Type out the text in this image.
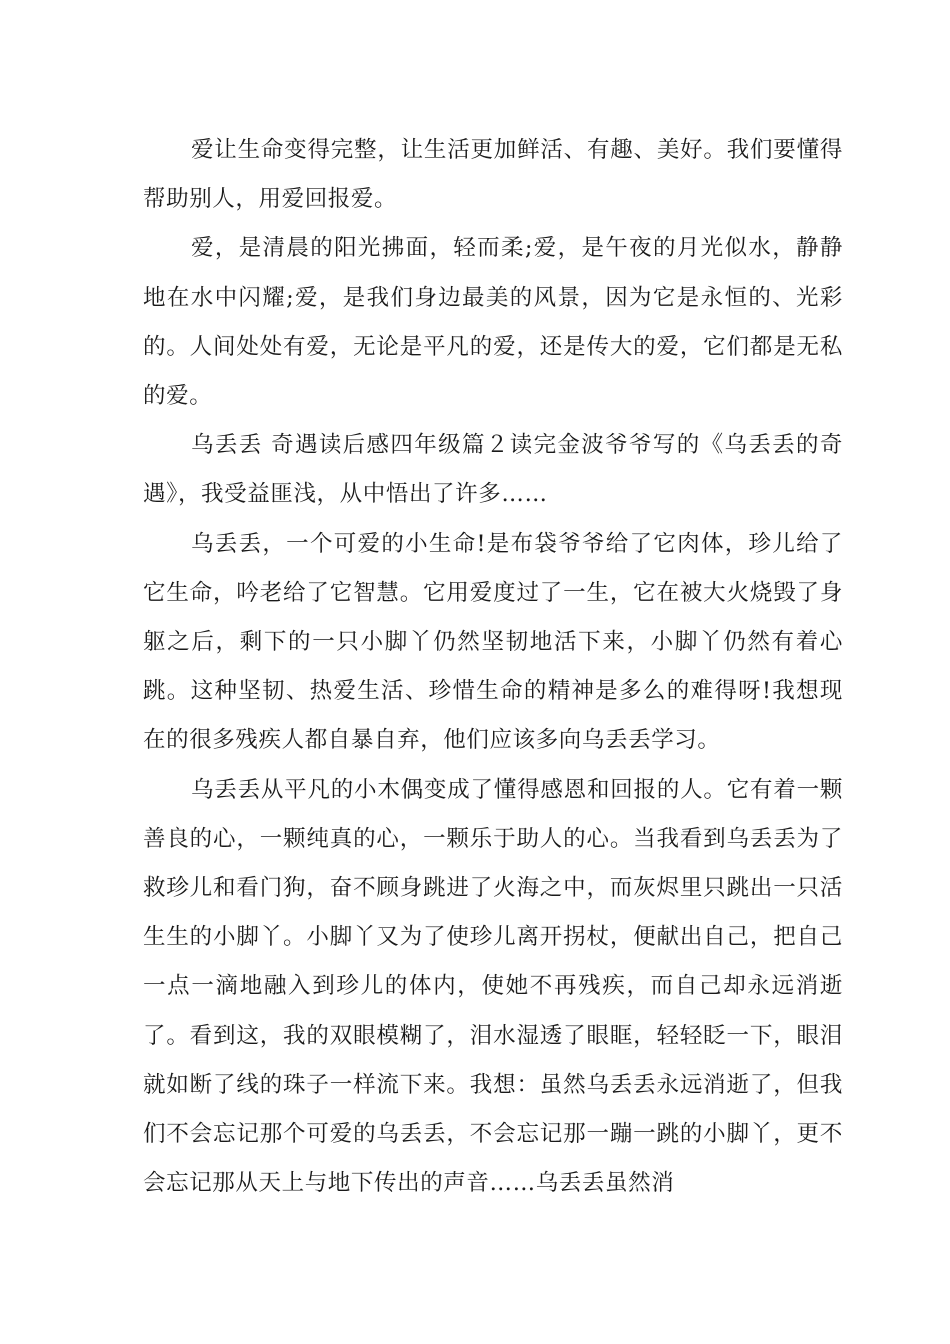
爱让生命变得完整，让生活更加鲜活、有趣、美好。我们要懂得帮助别人，用爱回报爱。

爱，是清晨的阳光拂面，轻而柔;爱，是午夜的月光似水，静静地在水中闪耀;爱，是我们身边最美的风景，因为它是永恒的、光彩的。人间处处有爱，无论是平凡的爱，还是传大的爱，它们都是无私的爱。

乌丢丢 奇遇读后感四年级篇２读完金波爷爷写的《乌丢丢的奇遇》，我受益匪浅，从中悟出了许多……

乌丢丢，一个可爱的小生命!是布袋爷爷给了它肉体，珍儿给了它生命，吟老给了它智慧。它用爱度过了一生，它在被大火烧毁了身躯之后，剩下的一只小脚丫仍然坚韧地活下来，小脚丫仍然有着心跳。这种坚韧、热爱生活、珍惜生命的精神是多么的难得呀!我想现在的很多残疾人都自暴自弃，他们应该多向乌丢丢学习。

乌丢丢从平凡的小木偶变成了懂得感恩和回报的人。它有着一颗善良的心，一颗纯真的心，一颗乐于助人的心。当我看到乌丢丢为了救珍儿和看门狗，奋不顾身跳进了火海之中，而灰烬里只跳出一只活生生的小脚丫。小脚丫又为了使珍儿离开拐杖，便献出自己，把自己一点一滴地融入到珍儿的体内，使她不再残疾，而自己却永远消逝了。看到这，我的双眼模糊了，泪水湿透了眼眶，轻轻眨一下，眼泪就如断了线的珠子一样流下来。我想：虽然乌丢丢永远消逝了，但我们不会忘记那个可爱的乌丢丢，不会忘记那一蹦一跳的小脚丫，更不会忘记那从天上与地下传出的声音……乌丢丢虽然消
